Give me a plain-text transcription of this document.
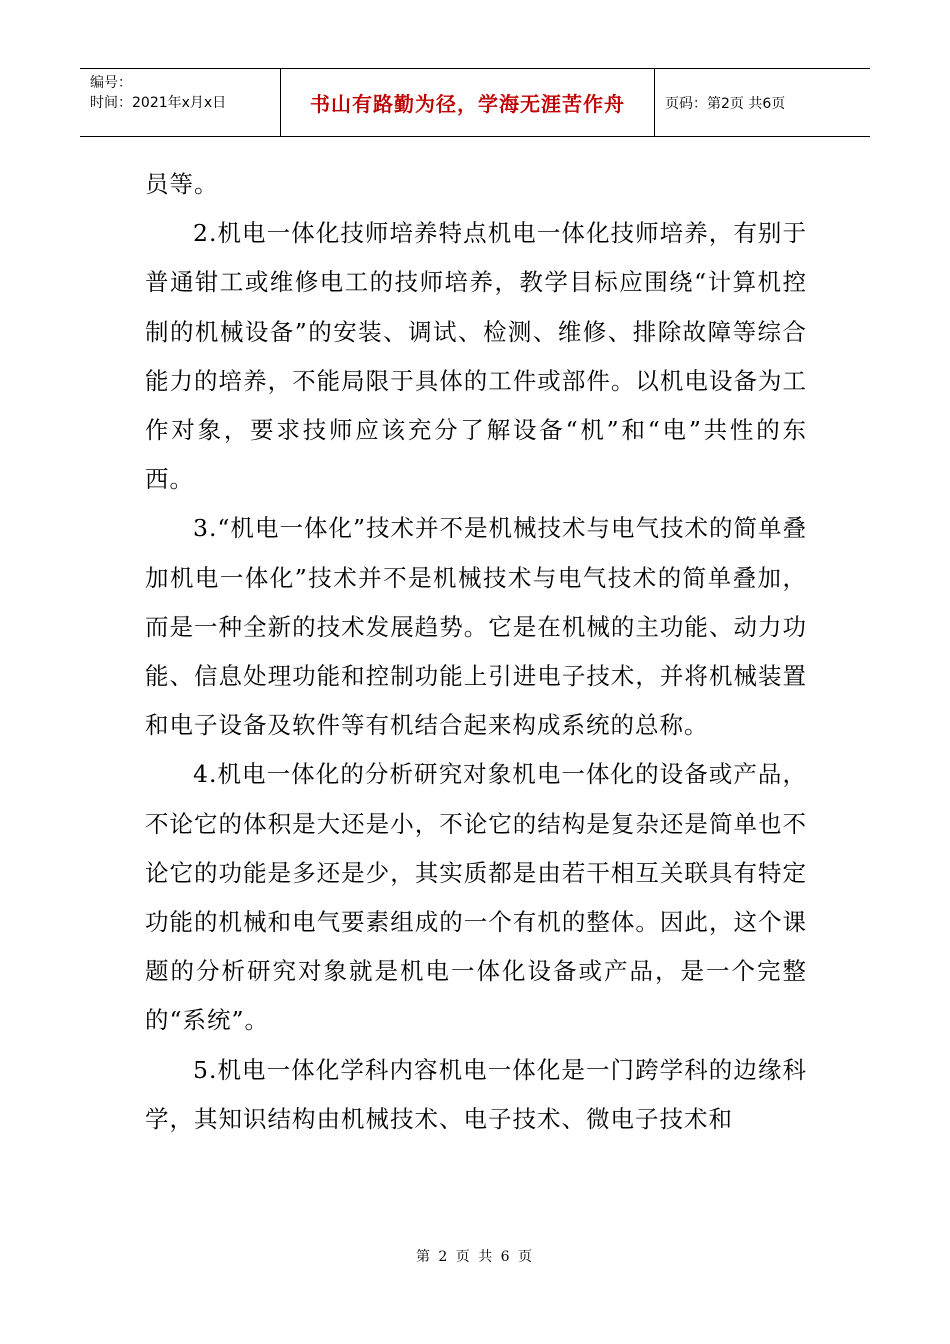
编号：
时间：2021年x月x日	书山有路勤为径，学海无涯苦作舟	页码：第2页 共6页

员等。

2.机电一体化技师培养特点机电一体化技师培养，有别于普通钳工或维修电工的技师培养，教学目标应围绕“计算机控制的机械设备”的安装、调试、检测、维修、排除故障等综合能力的培养，不能局限于具体的工件或部件。以机电设备为工作对象，要求技师应该充分了解设备“机”和“电”共性的东西。

3.“机电一体化”技术并不是机械技术与电气技术的简单叠加机电一体化”技术并不是机械技术与电气技术的简单叠加，而是一种全新的技术发展趋势。它是在机械的主功能、动力功能、信息处理功能和控制功能上引进电子技术，并将机械装置和电子设备及软件等有机结合起来构成系统的总称。

4.机电一体化的分析研究对象机电一体化的设备或产品，不论它的体积是大还是小，不论它的结构是复杂还是简单也不论它的功能是多还是少，其实质都是由若干相互关联具有特定功能的机械和电气要素组成的一个有机的整体。因此，这个课题的分析研究对象就是机电一体化设备或产品，是一个完整的“系统”。

5.机电一体化学科内容机电一体化是一门跨学科的边缘科学，其知识结构由机械技术、电子技术、微电子技术和

第 2 页 共 6 页
